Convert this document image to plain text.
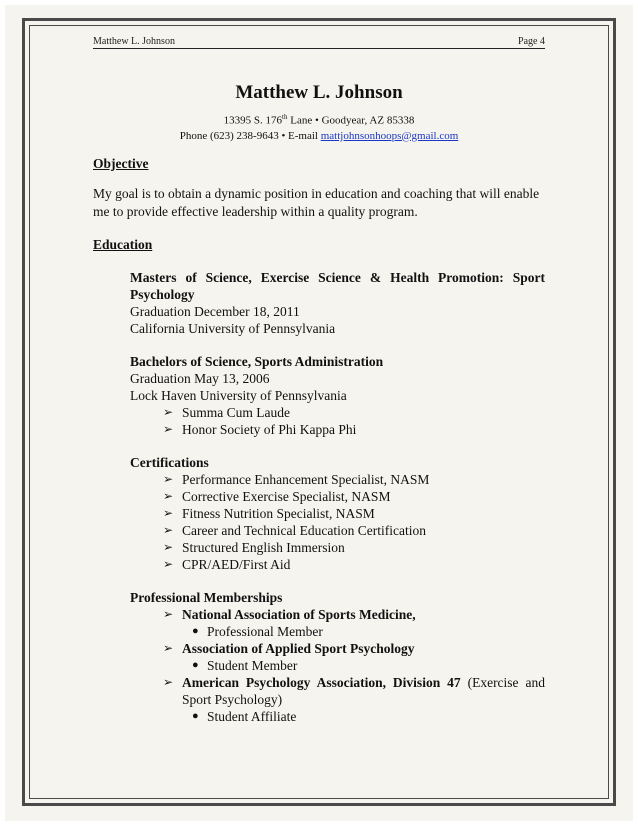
Matthew L. Johnson	Page 4
Matthew L. Johnson
13395 S. 176th Lane • Goodyear, AZ 85338
Phone (623) 238-9643 • E-mail mattjohnsonhoops@gmail.com
Objective
My goal is to obtain a dynamic position in education and coaching that will enable me to provide effective leadership within a quality program.
Education
Masters of Science, Exercise Science & Health Promotion: Sport Psychology
Graduation December 18, 2011
California University of Pennsylvania
Bachelors of Science, Sports Administration
Graduation May 13, 2006
Lock Haven University of Pennsylvania
➢ Summa Cum Laude
➢ Honor Society of Phi Kappa Phi
Certifications
➢ Performance Enhancement Specialist, NASM
➢ Corrective Exercise Specialist, NASM
➢ Fitness Nutrition Specialist, NASM
➢ Career and Technical Education Certification
➢ Structured English Immersion
➢ CPR/AED/First Aid
Professional Memberships
➢ National Association of Sports Medicine,
● Professional Member
➢ Association of Applied Sport Psychology
● Student Member
➢ American Psychology Association, Division 47 (Exercise and Sport Psychology)
● Student Affiliate
